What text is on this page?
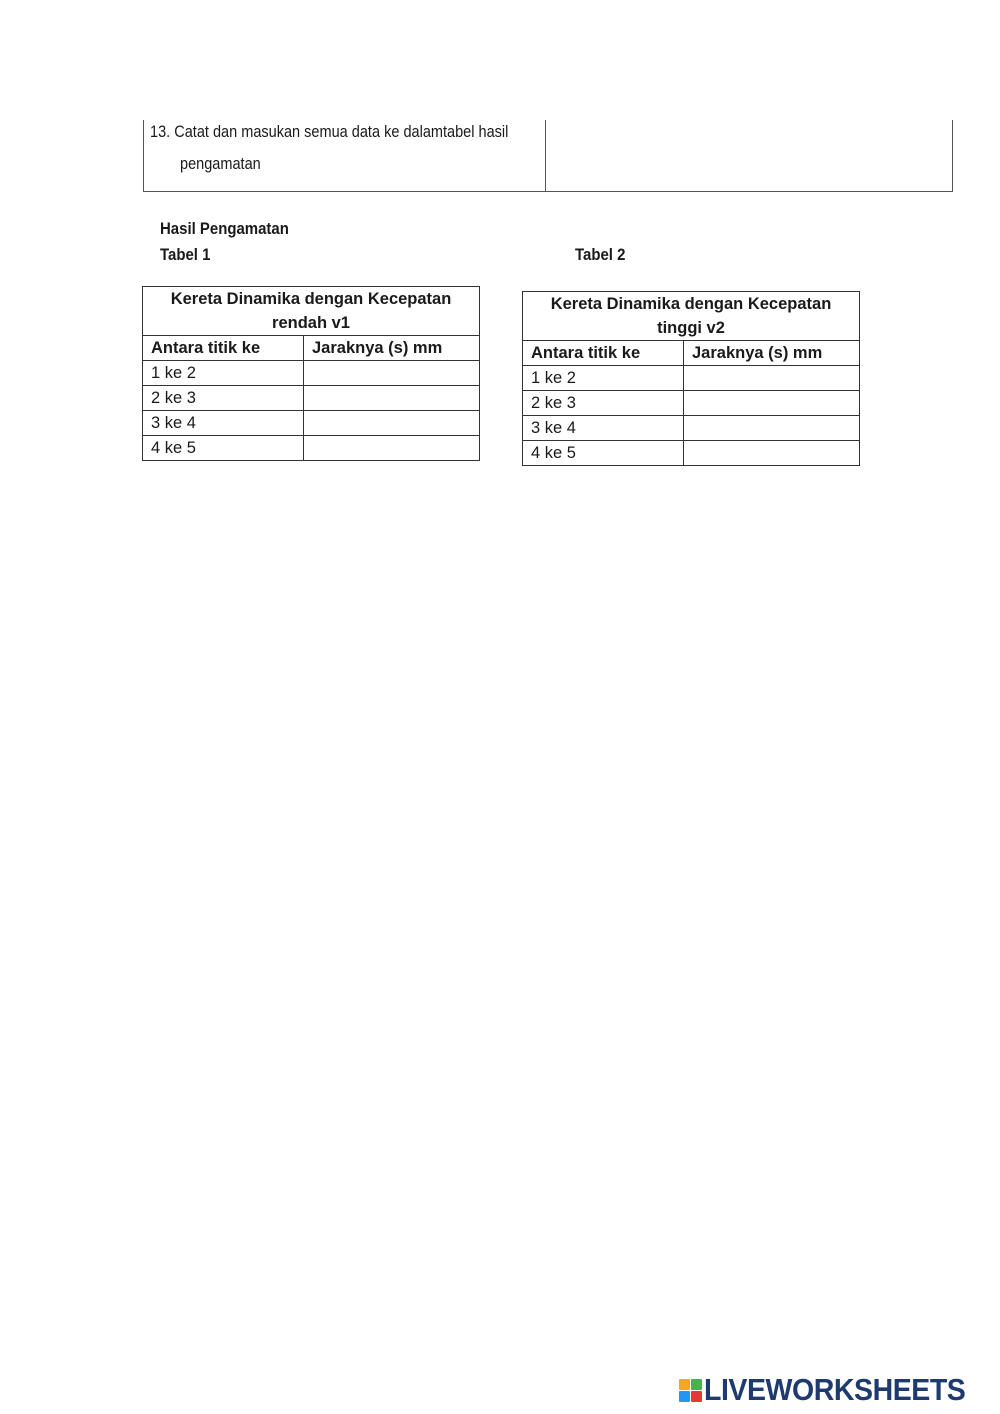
13. Catat dan masukan semua data ke dalamtabel hasil
pengamatan
Hasil Pengamatan
Tabel 1	Tabel 2
Kereta Dinamika dengan Kecepatan rendah v1	
Antara titik ke	Jaraknya (s) mm
1 ke 2	
2 ke 3	
3 ke 4	
4 ke 5	
Kereta Dinamika dengan Kecepatan tinggi v2	
Antara titik ke	Jaraknya (s) mm
1 ke 2	
2 ke 3	
3 ke 4	
4 ke 5	
LIVEWORKSHEETS
